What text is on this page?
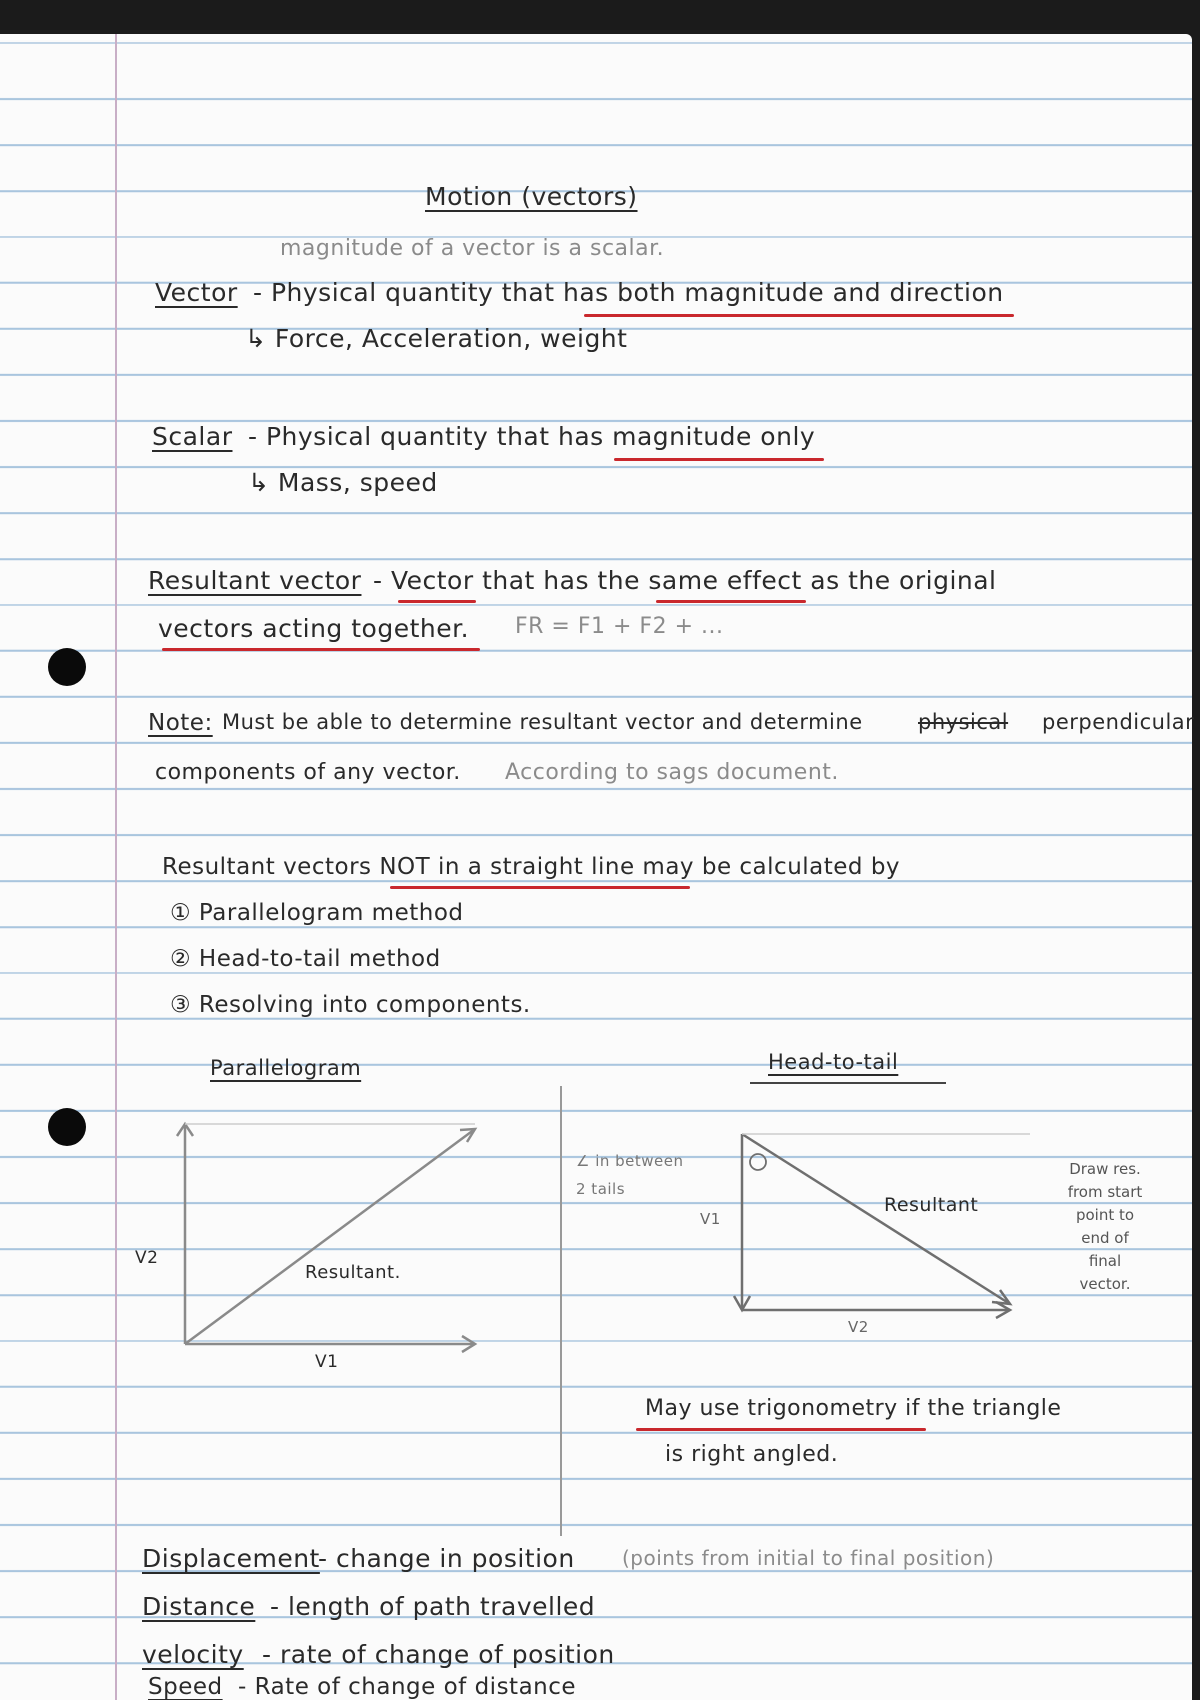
Motion (vectors)
magnitude of a vector is a scalar.
Vector - Physical quantity that has both magnitude and direction
↳ Force, Acceleration, weight
Scalar - Physical quantity that has magnitude only
↳ Mass, speed
Resultant vector - Vector that has the same effect as the original
vectors acting together. FR = F1 + F2 + ...
Note: Must be able to determine resultant vector and determine	physical perpendicular
components of any vector. According to sags document.
Resultant vectors NOT in a straight line may be calculated by
① Parallelogram method
② Head-to-tail method
③ Resolving into components.
Parallelogram
V2
V1
Resultant.
Head-to-tail
∠ in between
2 tails
V1
V2
Resultant
Draw res.
from start
point to
end of
final
vector.
May use trigonometry if the triangle
is right angled.
Displacement
- change in position (points from initial to final position)
Distance - length of path travelled
velocity - rate of change of position
Speed - Rate of change of distance
